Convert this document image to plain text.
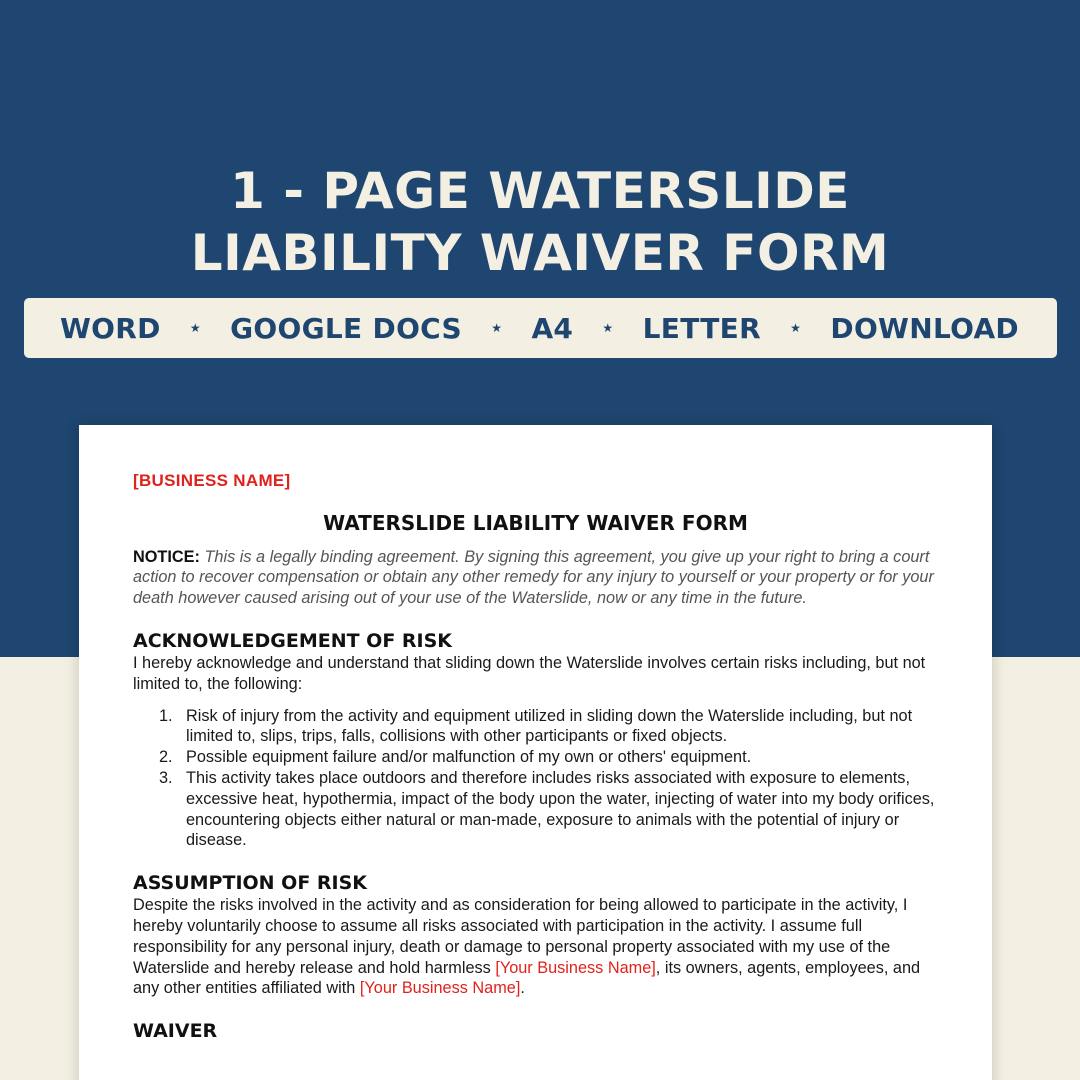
1 - PAGE WATERSLIDE
LIABILITY WAIVER FORM
WORD ★ GOOGLE DOCS ★ A4 ★ LETTER ★ DOWNLOAD
[BUSINESS NAME]
WATERSLIDE LIABILITY WAIVER FORM

NOTICE: This is a legally binding agreement. By signing this agreement, you give up your right to bring a court action to recover compensation or obtain any other remedy for any injury to yourself or your property or for your death however caused arising out of your use of the Waterslide, now or any time in the future.

ACKNOWLEDGEMENT OF RISK

I hereby acknowledge and understand that sliding down the Waterslide involves certain risks including, but not limited to, the following:

1. Risk of injury from the activity and equipment utilized in sliding down the Waterslide including, but not limited to, slips, trips, falls, collisions with other participants or fixed objects.
2. Possible equipment failure and/or malfunction of my own or others' equipment.
3. This activity takes place outdoors and therefore includes risks associated with exposure to elements, excessive heat, hypothermia, impact of the body upon the water, injecting of water into my body orifices, encountering objects either natural or man-made, exposure to animals with the potential of injury or disease.
ASSUMPTION OF RISK

Despite the risks involved in the activity and as consideration for being allowed to participate in the activity, I hereby voluntarily choose to assume all risks associated with participation in the activity. I assume full responsibility for any personal injury, death or damage to personal property associated with my use of the Waterslide and hereby release and hold harmless [Your Business Name], its owners, agents, employees, and any other entities affiliated with [Your Business Name].

WAIVER
